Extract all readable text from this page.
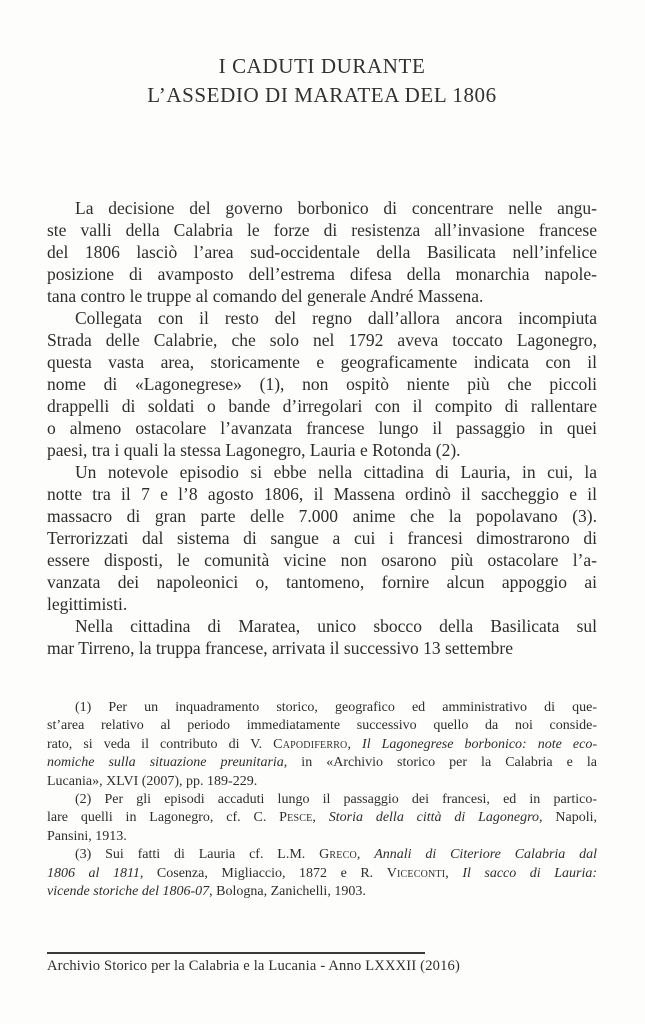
I CADUTI DURANTE
L’ASSEDIO DI MARATEA DEL 1806
La decisione del governo borbonico di concentrare nelle angu-
ste valli della Calabria le forze di resistenza all’invasione francese
del 1806 lasciò l’area sud-occidentale della Basilicata nell’infelice
posizione di avamposto dell’estrema difesa della monarchia napole-
tana contro le truppe al comando del generale André Massena.
Collegata con il resto del regno dall’allora ancora incompiuta
Strada delle Calabrie, che solo nel 1792 aveva toccato Lagonegro,
questa vasta area, storicamente e geograficamente indicata con il
nome di «Lagonegrese» (1), non ospitò niente più che piccoli
drappelli di soldati o bande d’irregolari con il compito di rallentare
o almeno ostacolare l’avanzata francese lungo il passaggio in quei
paesi, tra i quali la stessa Lagonegro, Lauria e Rotonda (2).
Un notevole episodio si ebbe nella cittadina di Lauria, in cui, la
notte tra il 7 e l’8 agosto 1806, il Massena ordinò il saccheggio e il
massacro di gran parte delle 7.000 anime che la popolavano (3).
Terrorizzati dal sistema di sangue a cui i francesi dimostrarono di
essere disposti, le comunità vicine non osarono più ostacolare l’a-
vanzata dei napoleonici o, tantomeno, fornire alcun appoggio ai
legittimisti.
Nella cittadina di Maratea, unico sbocco della Basilicata sul
mar Tirreno, la truppa francese, arrivata il successivo 13 settembre
(1) Per un inquadramento storico, geografico ed amministrativo di que-
st’area relativo al periodo immediatamente successivo quello da noi conside-
rato, si veda il contributo di V. Capodiferro, Il Lagonegrese borbonico: note eco-
nomiche sulla situazione preunitaria, in «Archivio storico per la Calabria e la
Lucania», XLVI (2007), pp. 189-229.
(2) Per gli episodi accaduti lungo il passaggio dei francesi, ed in partico-
lare quelli in Lagonegro, cf. C. Pesce, Storia della città di Lagonegro, Napoli,
Pansini, 1913.
(3) Sui fatti di Lauria cf. L.M. Greco, Annali di Citeriore Calabria dal
1806 al 1811, Cosenza, Migliaccio, 1872 e R. Viceconti, Il sacco di Lauria:
vicende storiche del 1806-07, Bologna, Zanichelli, 1903.
Archivio Storico per la Calabria e la Lucania - Anno LXXXII (2016)
